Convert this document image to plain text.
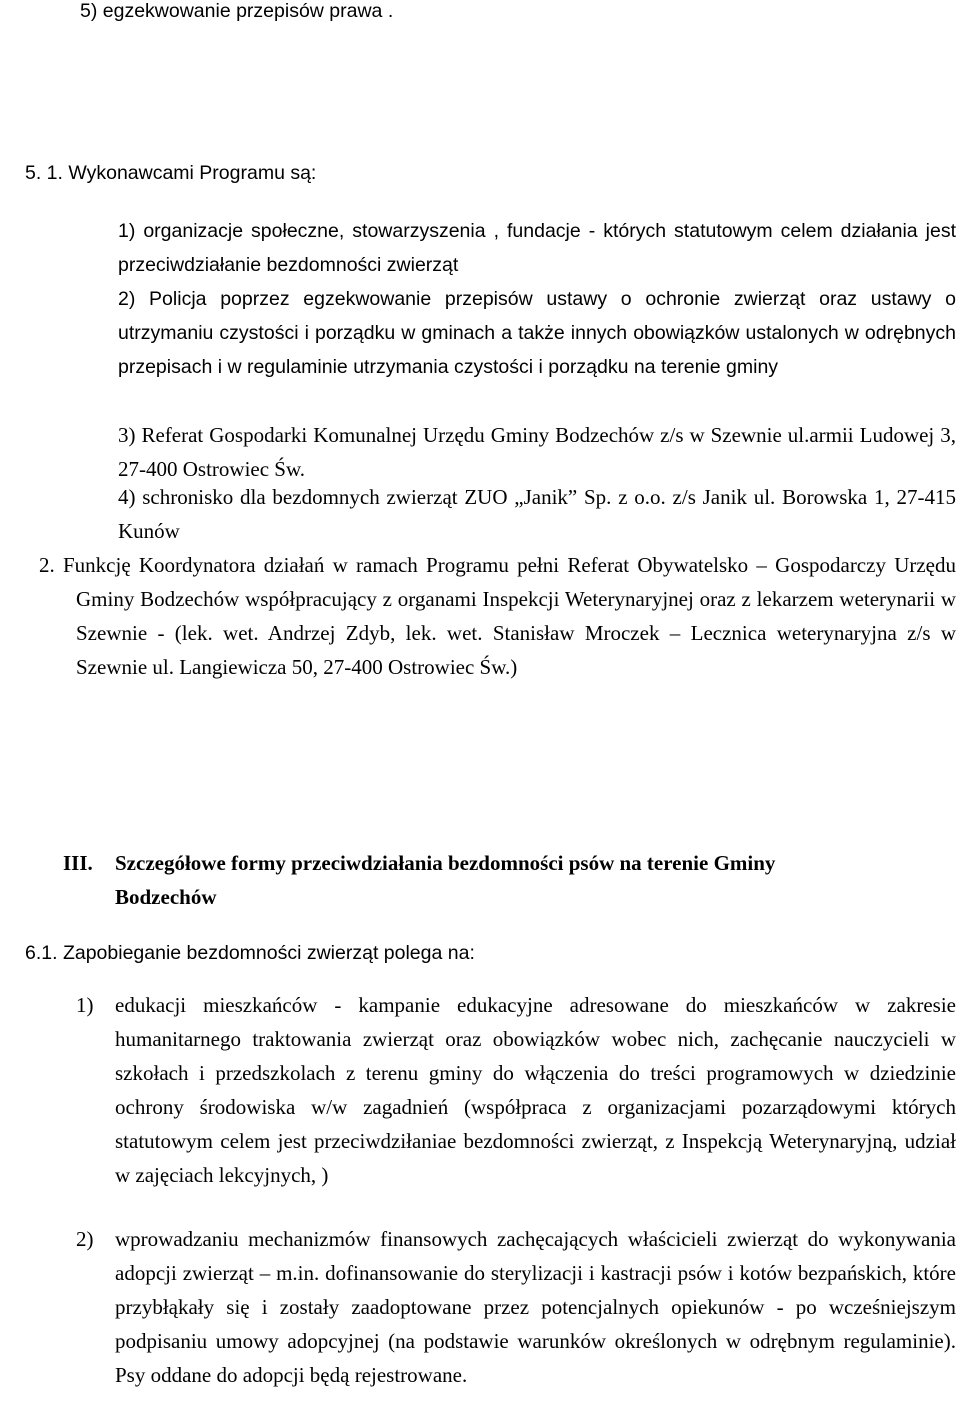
5) egzekwowanie przepisów prawa .
5. 1. Wykonawcami Programu są:

1) organizacje społeczne, stowarzyszenia , fundacje - których statutowym celem działania jest przeciwdziałanie bezdomności zwierząt

2) Policja poprzez egzekwowanie przepisów ustawy o ochronie zwierząt oraz ustawy o utrzymaniu czystości i porządku w gminach a także innych obowiązków ustalonych w odrębnych przepisach i w regulaminie utrzymania czystości i porządku na terenie gminy

3) Referat Gospodarki Komunalnej Urzędu Gminy Bodzechów z/s w Szewnie ul.armii Ludowej 3, 27-400 Ostrowiec Św.

4) schronisko dla bezdomnych zwierząt ZUO „Janik” Sp. z o.o. z/s Janik ul. Borowska 1, 27-415 Kunów

2. Funkcję Koordynatora działań w ramach Programu pełni Referat Obywatelsko – Gospodarczy Urzędu Gminy Bodzechów współpracujący z organami Inspekcji Weterynaryjnej oraz z lekarzem weterynarii w Szewnie - (lek. wet. Andrzej Zdyb, lek. wet. Stanisław Mroczek – Lecznica weterynaryjna z/s w Szewnie ul. Langiewicza 50, 27-400 Ostrowiec Św.)

III. Szczegółowe formy przeciwdziałania bezdomności psów na terenie Gminy
Bodzechów
6.1. Zapobieganie bezdomności zwierząt polega na:
1)	edukacji mieszkańców - kampanie edukacyjne adresowane do mieszkańców w zakresie humanitarnego traktowania zwierząt oraz obowiązków wobec nich, zachęcanie nauczycieli w szkołach i przedszkolach z terenu gminy do włączenia do treści programowych w dziedzinie ochrony środowiska w/w zagadnień (współpraca z organizacjami pozarządowymi których statutowym celem jest przeciwdziłaniae bezdomności zwierząt, z Inspekcją Weterynaryjną, udział w zajęciach lekcyjnych, )

2)	wprowadzaniu mechanizmów finansowych zachęcających właścicieli zwierząt do wykonywania adopcji zwierząt – m.in. dofinansowanie do sterylizacji i kastracji psów i kotów bezpańskich, które przybłąkały się i zostały zaadoptowane przez potencjalnych opiekunów - po wcześniejszym podpisaniu umowy adopcyjnej (na podstawie warunków określonych w odrębnym regulaminie). Psy oddane do adopcji będą rejestrowane.
